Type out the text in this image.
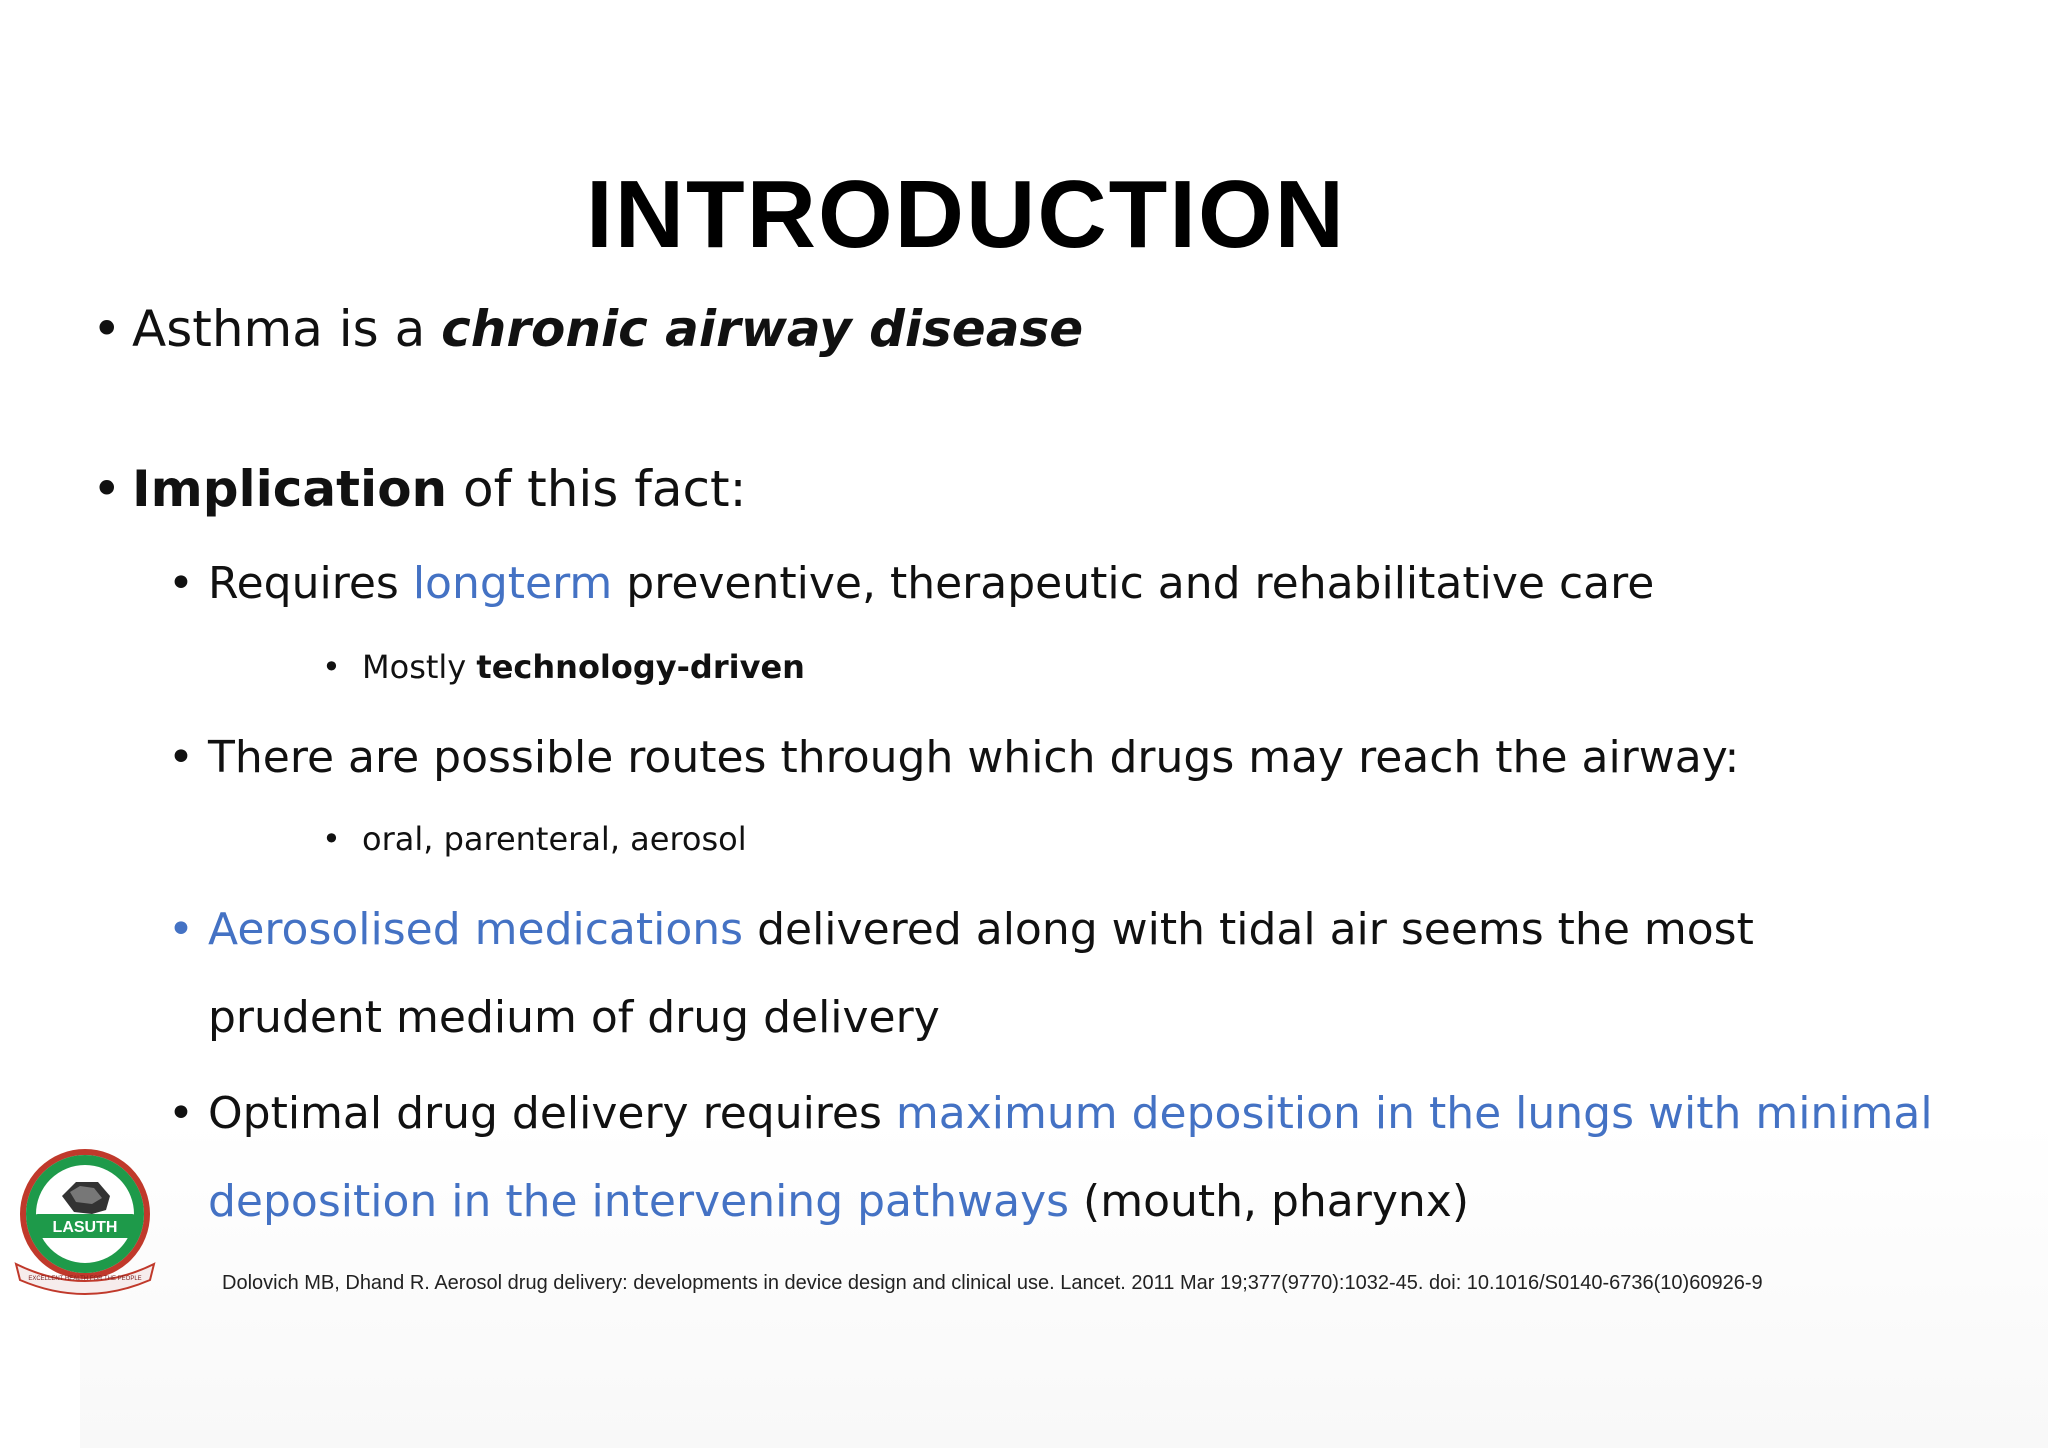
INTRODUCTION
• Asthma is a chronic airway disease
• Implication of this fact:
• Requires longterm preventive, therapeutic and rehabilitative care
• Mostly technology-driven
• There are possible routes through which drugs may reach the airway:
• oral, parenteral, aerosol
• Aerosolised medications delivered along with tidal air seems the most
prudent medium of drug delivery
• Optimal drug delivery requires maximum deposition in the lungs with minimal
deposition in the intervening pathways (mouth, pharynx)
LASUTH
EXCELLENT HEALTH FOR THE PEOPLE	Dolovich MB, Dhand R. Aerosol drug delivery: developments in device design and clinical use. Lancet. 2011 Mar 19;377(9770):1032-45. doi: 10.1016/S0140-6736(10)60926-9
